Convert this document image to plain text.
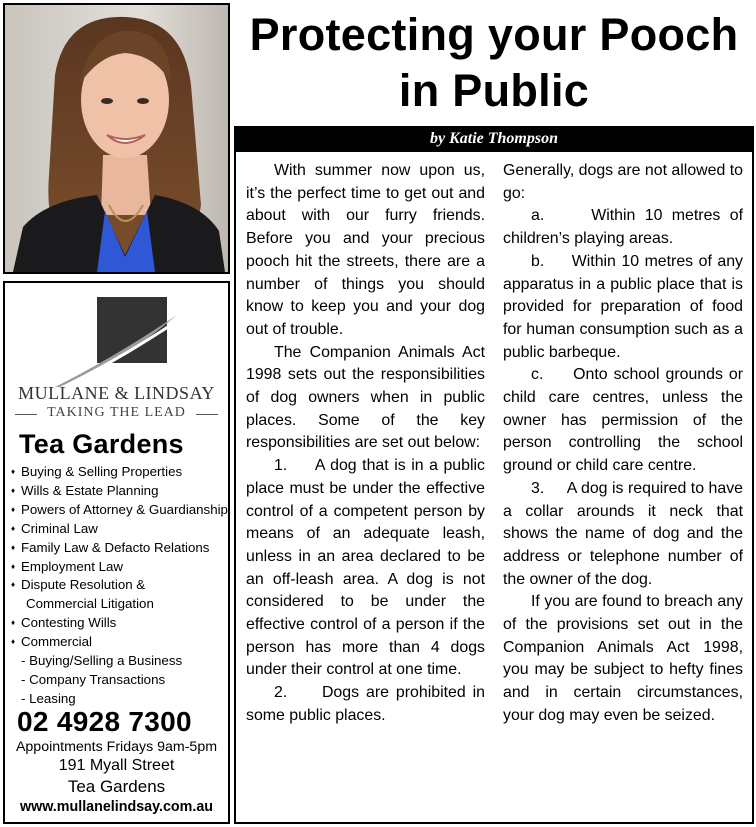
MULLANE & LINDSAY
TAKING THE LEAD
Tea Gardens
♦ Buying & Selling Properties
♦ Wills & Estate Planning
♦ Powers of Attorney & Guardianship
♦ Criminal Law
♦ Family Law & Defacto Relations
♦ Employment Law
♦ Dispute Resolution &
Commercial Litigation
♦ Contesting Wills
♦ Commercial
- Buying/Selling a Business
- Company Transactions
- Leasing
02 4928 7300
Appointments Fridays 9am-5pm
191 Myall Street
Tea Gardens
www.mullanelindsay.com.au
Protecting your Pooch in Public
by Katie Thompson

With summer now upon us, it’s the perfect time to get out and about with our furry friends. Before you and your precious pooch hit the streets, there are a number of things you should know to keep you and your dog out of trouble.

The Companion Animals Act 1998 sets out the responsibilities of dog owners when in public places. Some of the key responsibilities are set out below:

1.     A dog that is in a public place must be under the effective control of a competent person by means of an adequate leash, unless in an area declared to be an off-leash area. A dog is not considered to be under the effective control of a person if the person has more than 4 dogs under their control at one time.

2.     Dogs are prohibited in some public places.

Generally, dogs are not allowed to go:

a.     Within 10 metres of children’s playing areas.

b.     Within 10 metres of any apparatus in a public place that is provided for preparation of food for human consumption such as a public barbeque.

c.     Onto school grounds or child care centres, unless the owner has permission of the person controlling the school ground or child care centre.

3.     A dog is required to have a collar arounds it neck that shows the name of dog and the address or telephone number of the owner of the dog.

If you are found to breach any of the provisions set out in the Companion Animals Act 1998, you may be subject to hefty fines and in certain circumstances, your dog may even be seized.
